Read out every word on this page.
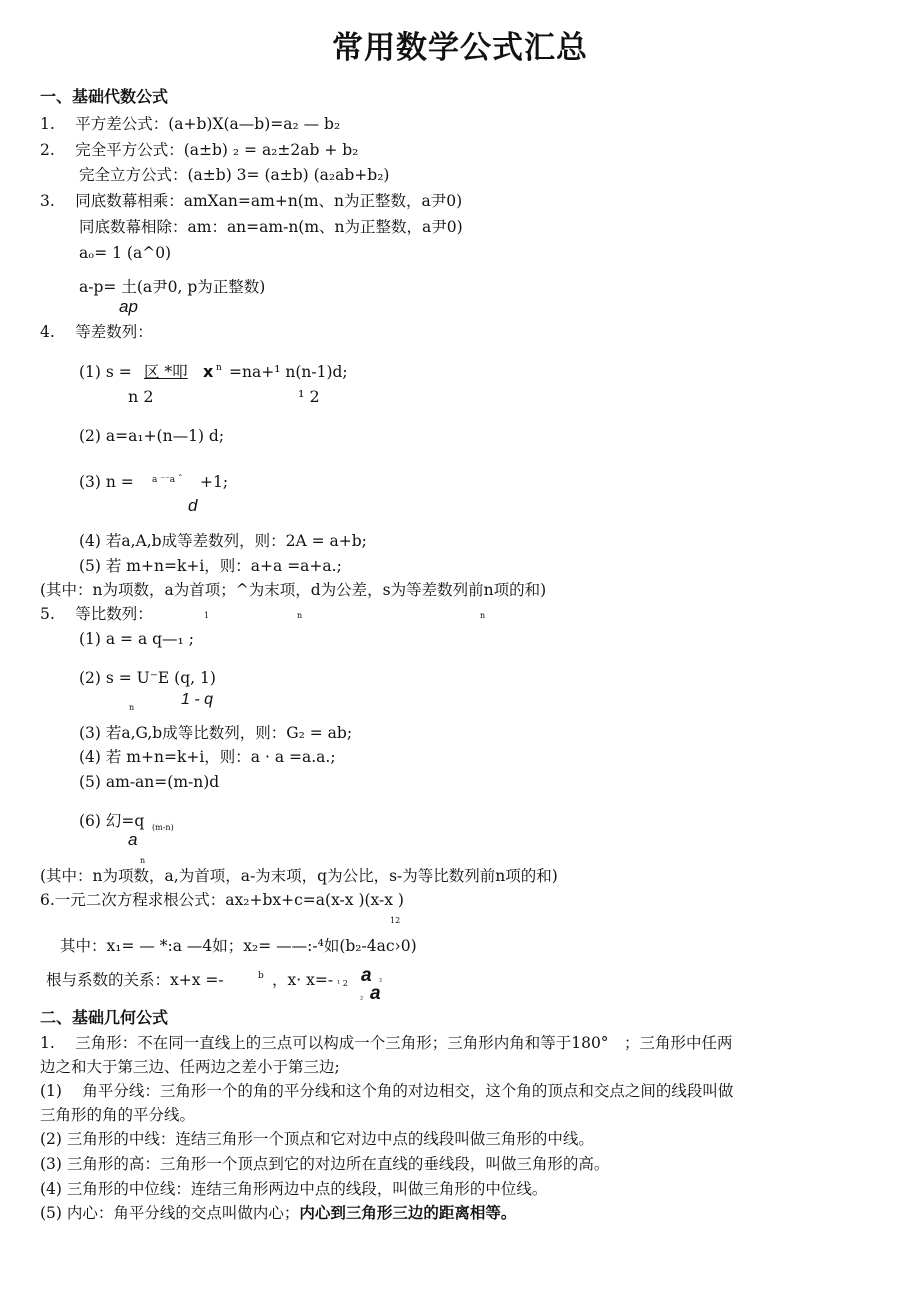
常用数学公式汇总
一、基础代数公式
1.　 平方差公式：(a+b)X(a—b)=a₂ — b₂
2.　 完全平方公式：(a±b) ₂ = a₂±2ab + b₂
完全立方公式：(a±b) 3= (a±b) (a₂ab+b₂)
3.　 同底数幕相乘：amXan=am+n(m、n为正整数，a尹0)
同底数幕相除：am：an=am-n(m、n为正整数，a尹0)
aₒ= 1 (a^0)
a-p= 土(a尹0, p为正整数)
ap
4.　 等差数列：
(1) s = 区 *叩 x n =na+¹ n(n-1)d;
n 2	¹ 2
(2) a=a₁+(n—1) d;
(3) n = a ⁻⁻a ˆ +1;
d
(4) 若a,A,b成等差数列，则：2A = a+b;
(5) 若 m+n=k+i，则：a+a =a+a.;
(其中：n为项数，a为首项；^为末项，d为公差，s为等差数列前n项的和)
5.　 等比数列：	1	n	n
(1) a = a q—₁ ;
(2) s = U⁻E (q, 1)
n	1 - q
(3) 若a,G,b成等比数列，则：G₂ = ab;
(4) 若 m+n=k+i，则：a · a =a.a.;
(5) am-an=(m-n)d
(6) 幻=q (m-n)
a
n
(其中：n为项数，a,为首项，a-为末项，q为公比，s-为等比数列前n项的和)
6.一元二次方程求根公式：ax₂+bx+c=a(x-x )(x-x )
12
其中：x₁= — *:a —4如；x₂= ——:-⁴如(b₂-4ac›0)
根与系数的关系：x+x =-	b ，x· x=- ¹ 2 a ²
² a
二、基础几何公式
1.　 三角形：不在同一直线上的三点可以构成一个三角形；三角形内角和等于180°　；三角形中任两
边之和大于第三边、任两边之差小于第三边;
(1)　 角平分线：三角形一个的角的平分线和这个角的对边相交，这个角的顶点和交点之间的线段叫做
三角形的角的平分线。
(2) 三角形的中线：连结三角形一个顶点和它对边中点的线段叫做三角形的中线。
(3) 三角形的高：三角形一个顶点到它的对边所在直线的垂线段，叫做三角形的高。
(4) 三角形的中位线：连结三角形两边中点的线段，叫做三角形的中位线。
(5) 内心：角平分线的交点叫做内心；内心到三角形三边的距离相等。
